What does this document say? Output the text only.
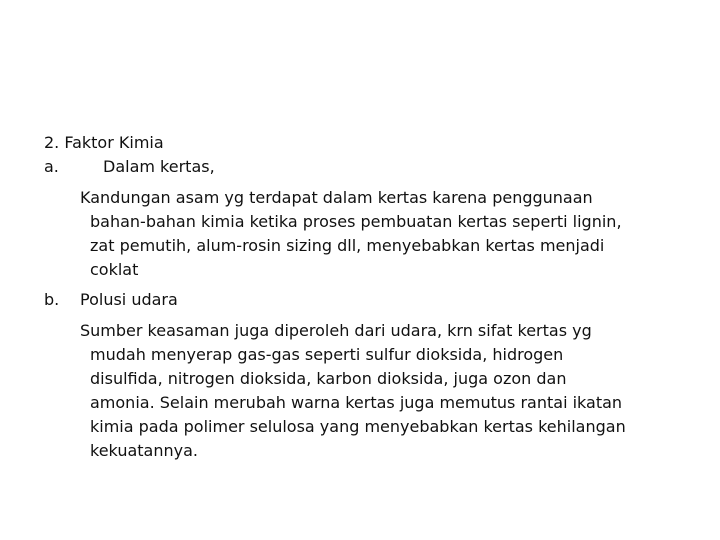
2. Faktor Kimia
a.	Dalam kertas,
Kandungan asam yg terdapat dalam kertas karena penggunaan
bahan-bahan kimia ketika proses pembuatan kertas seperti lignin,
zat pemutih, alum-rosin sizing dll, menyebabkan kertas menjadi
coklat
b. Polusi udara
Sumber keasaman juga diperoleh dari udara, krn sifat kertas yg
mudah menyerap gas-gas seperti sulfur dioksida, hidrogen
disulfida, nitrogen dioksida, karbon dioksida, juga ozon dan
amonia. Selain merubah warna kertas juga memutus rantai ikatan
kimia pada polimer selulosa yang menyebabkan kertas kehilangan
kekuatannya.
